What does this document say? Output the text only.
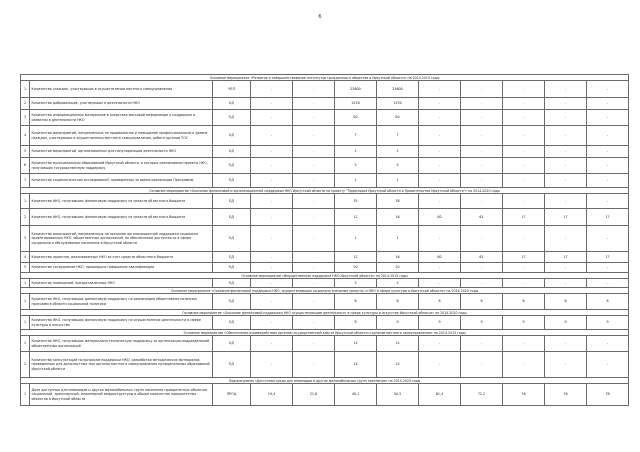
6
Основное мероприятие «Развитие и совершенствование институтов гражданского общества в Иркутской области» на 2014-2015 годы											
1	Количество граждан, участвующих в осуществлении местного самоуправления	ЧЕЛ	-	-	25600	25600	-	-	-	-	-
2	Количество добровольцев, участвующих в деятельности НКО	ЕД	-	-	1250	1250	-	-	-	-	-
3	Количество информационных материалов в средствах массовой информации о поддержке и развитии в деятельности НКО	ЕД	-	-	80	80	-	-	-	-	-
4	Количество мероприятий, направленных на продвижение и повышение профессионального уровня граждан, участвующих в осуществлении местного самоуправления, работе органов ТОС	ЕД	-	-	7	7	-	-	-	-	-
5	Количество мероприятий, организованных для популяризации деятельности НКО	ЕД	-	-	2	2	-	-	-	-	-
6	Количество муниципальных образований Иркутской области, в которых реализованы проекты НКО, получивших государственную поддержку	ЕД	-	-	5	5	-	-	-	-	-
7	Количество социологических исследований, проведенных за время реализации Программы	ЕД	-	-	1	1	-	-	-	-	-
Основное мероприятие «Оказание финансовой и организационной поддержки НКО Иркутской области по проекту "Территория Иркутской области и Правительства Иркутской области"» на 2014-2020 годы											
1	Количество НКО, получивших финансовую поддержку из средств областного бюджета	ЕД	-	-	35	38	-	-	-	-	-
2	Количество НКО, получивших финансовую поддержку из средств областного бюджета	ЕД	-	-	12	16	60	61	17	17	17
3	Количество мероприятий, направленных на оказание организационной поддержки социально ориентированных НКО, общественных организаций, по обеспечению доступности в сфере социального обслуживания населения в Иркутской области	ЕД	-	-	1	1	-	-	-	-	-
4	Количество проектов, реализованных НКО за счет средств областного бюджета	ЕД	-	-	12	16	60	61	17	17	17
5	Количество сотрудников НКО, прошедших повышение квалификации	ЕД	-	-	20	20	-	-	-	-	-
Основное мероприятие «Имущественная поддержка НКО Иркутской области» на 2014-2015 годы											
1	Количество помещений, предоставленных НКО	ЕД	-	-	5	5	-	-	-	-	-
Основное мероприятие «Оказание финансовой поддержки НКО, осуществляющим социально значимые проекты, и НКО в сфере культуры в Иркутской области» на 2016-2020 годы											
1	Количество НКО, получивших финансовую поддержку на реализацию общественно полезных программ в области социальной политики	ЕД	-	-	6	6	6	6	6	6	6
Основное мероприятие «Оказание финансовой поддержки НКО осуществляющим деятельность в сфере культуры и искусства Иркутской области» на 2014-2020 годы											
1	Количество НКО, получивших финансовую поддержку на осуществление деятельности в сфере культуры и искусства	ЕД	-	-	8	9	9	9	9	9	9
Основное мероприятие «Обеспечение взаимодействия органов государственной власти Иркутской области и органов местного самоуправления» на 2014-2015 годы											
1	Количество НКО, получивших материально-техническую поддержку за организации-подразделений общественных организаций	ЕД	-	-	14	14	-	-	-	-	-
2	Количество консультаций по вопросам поддержки НКО, разработки методических материалов, проведенных для должностных лиц органов местного самоуправления муниципальных образований Иркутской области	ЕД	-	-	14	14	-	-	-	-	-
Подпрограмма «Доступная среда для инвалидов и других маломобильных групп населения» на 2014-2020 годы											
1	Доля доступных для инвалидов и других маломобильных групп населения приоритетных объектов социальной, транспортной, инженерной инфраструктуры в общем количестве приоритетных объектов в Иркутской области	ПРОЦ	19,4	21,6	40,1	50,5	61,4	72,2	76	76	78
